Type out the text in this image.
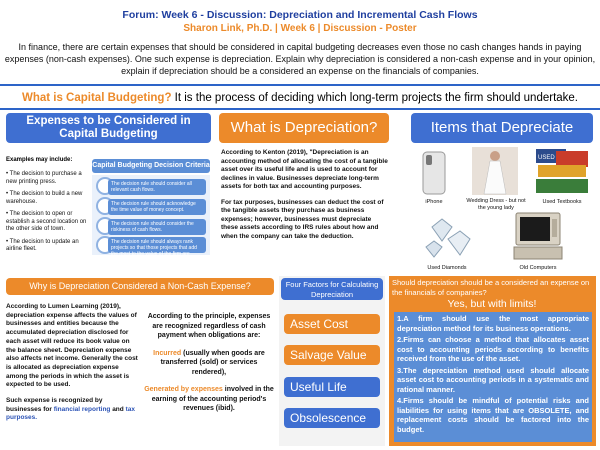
Forum: Week 6 - Discussion: Depreciation and Incremental Cash Flows
Sharon Link, Ph.D. | Week 6 | Discussion - Poster
In finance, there are certain expenses that should be considered in capital budgeting decreases even those no cash changes hands in paying expenses (non-cash expenses). One such expense is depreciation. Explain why depreciation is considered a non-cash expense and in your opinion, explain if depreciation should be a considered an expense on the financials of companies.
What is Capital Budgeting? It is the process of deciding which long-term projects the firm should undertake.
Expenses to be Considered in Capital Budgeting
Examples may include:
• The decision to purchase a new printing press.
• The decision to build a new warehouse.
• The decision to open or establish a second location on the other side of town.
• The decision to update an airline fleet.
Capital Budgeting Decision Criteria
The decision rule should consider all relevant cash flows.
The decision rule should acknowledge the time value of money concept.
The decision rule should consider the riskiness of cash flows.
The decision rule should always rank projects so that those projects that add the most to the value of the firm are ranked highest.
What is Depreciation?

According to Kenton (2019), "Depreciation is an accounting method of allocating the cost of a tangible asset over its useful life and is used to account for declines in value. Businesses depreciate long-term assets for both tax and accounting purposes.

For tax purposes, businesses can deduct the cost of the tangible assets they purchase as business expenses; however, businesses must depreciate these assets according to IRS rules about how and when the company can take the deduction.

Items that Depreciate
iPhone	Wedding Dress - but not the young lady
USED
Used Textbooks
Used Diamonds	Old Computers
Why is Depreciation Considered a Non-Cash Expense?

According to Lumen Learning (2019), depreciation expense affects the values of businesses and entities because the accumulated depreciation disclosed for each asset will reduce its book value on the balance sheet. Depreciation expense also affects net income. Generally the cost is allocated as depreciation expense among the periods in which the asset is expected to be used.

Such expense is recognized by businesses for financial reporting and tax purposes.

According to the principle, expenses are recognized regardless of cash payment when obligations are:

Incurred (usually when goods are transferred (sold) or services rendered),

Generated by expenses involved in the earning of the accounting period's revenues (ibid).

Four Factors for Calculating Depreciation
Asset Cost
Salvage Value
Useful Life
Obsolescence
Should depreciation should be a considered an expense on the financials of companies?
Yes, but with limits!

1.A firm should use the most appropriate depreciation method for its business operations.

2.Firms can choose a method that allocates asset cost to accounting periods according to benefits received from the use of the asset.

3.The depreciation method used should allocate asset cost to accounting periods in a systematic and rational manner.

4.Firms should be mindful of potential risks and liabilities for using items that are OBSOLETE, and replacement costs should be factored into the budget.
